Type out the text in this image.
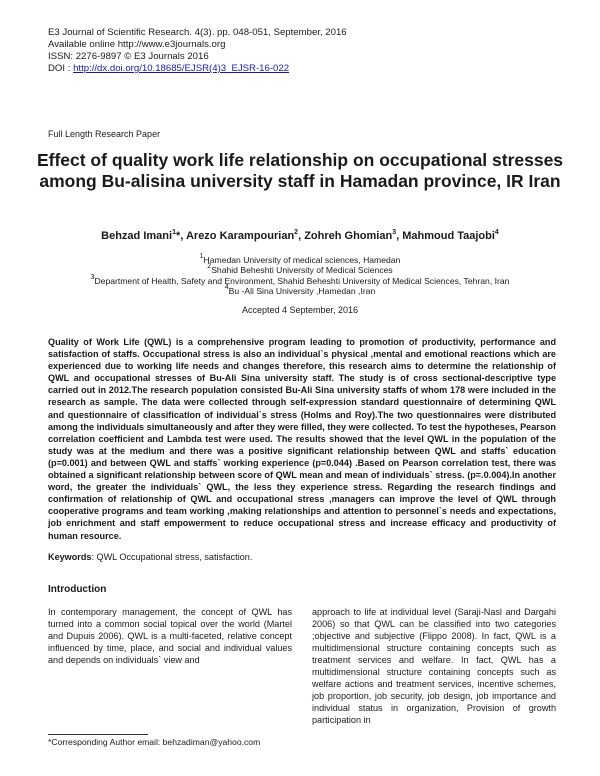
E3 Journal of Scientific Research. 4(3). pp. 048-051, September, 2016
Available online http://www.e3journals.org
ISSN: 2276-9897 © E3 Journals 2016
DOI : http://dx.doi.org/10.18685/EJSR(4)3_EJSR-16-022
Full Length Research Paper
Effect of quality work life relationship on occupational stresses among Bu-alisina university staff in Hamadan province, IR Iran
Behzad Imani$^1$*, Arezo Karampourian$^2$, Zohreh Ghomian$^3$, Mahmoud Taajobi$^4$
$^1$Hamedan University of medical sciences, Hamedan
$^2$Shahid Beheshti University of Medical Sciences
$^3$Department of Health, Safety and Environment, Shahid Beheshti University of Medical Sciences, Tehran, Iran
$^4$Bu -Ali Sina University ,Hamedan ,Iran
Accepted 4 September, 2016
Quality of Work Life (QWL) is a comprehensive program leading to promotion of productivity, performance and satisfaction of staffs. Occupational stress is also an individual`s physical ,mental and emotional reactions which are experienced due to working life needs and changes therefore, this research aims to determine the relationship of QWL and occupational stresses of Bu-Ali Sina university staff. The study is of cross sectional-descriptive type carried out in 2012.The research population consisted Bu-Ali Sina university staffs of whom 178 were included in the research as sample. The data were collected through self-expression standard questionnaire of determining QWL and questionnaire of classification of individual`s stress (Holms and Roy).The two questionnaires were distributed among the individuals simultaneously and after they were filled, they were collected. To test the hypotheses, Pearson correlation coefficient and Lambda test were used. The results showed that the level QWL in the population of the study was at the medium and there was a positive significant relationship between QWL and staffs` education (p=0.001) and between QWL and staffs` working experience (p=0.044) .Based on Pearson correlation test, there was obtained a significant relationship between score of QWL mean and mean of individuals` stress. (p=.0.004).In another word, the greater the individuals` QWL, the less they experience stress. Regarding the research findings and confirmation of relationship of QWL and occupational stress ,managers can improve the level of QWL through cooperative programs and team working ,making relationships and attention to personnel`s needs and expectations, job enrichment and staff empowerment to reduce occupational stress and increase efficacy and productivity of human resource.
Keywords: QWL Occupational stress, satisfaction.
Introduction
In contemporary management, the concept of QWL has turned into a common social topical over the world (Martel and Dupuis 2006). QWL is a multi-faceted, relative concept influenced by time, place, and social and individual values and depends on individuals` view and
approach to life at individual level (Saraji-Nasl and Dargahi 2006) so that QWL can be classified into two categories ;objective and subjective (Flippo 2008). In fact, QWL is a multidimensional structure containing concepts such as treatment services and welfare. In fact, QWL has a multidimensional structure containing concepts such as welfare actions and treatment services, incentive schemes, job proportion, job security, job design, job importance and individual status in organization, Provision of growth participation in
*Corresponding Author email: behzadiman@yahoo.com
